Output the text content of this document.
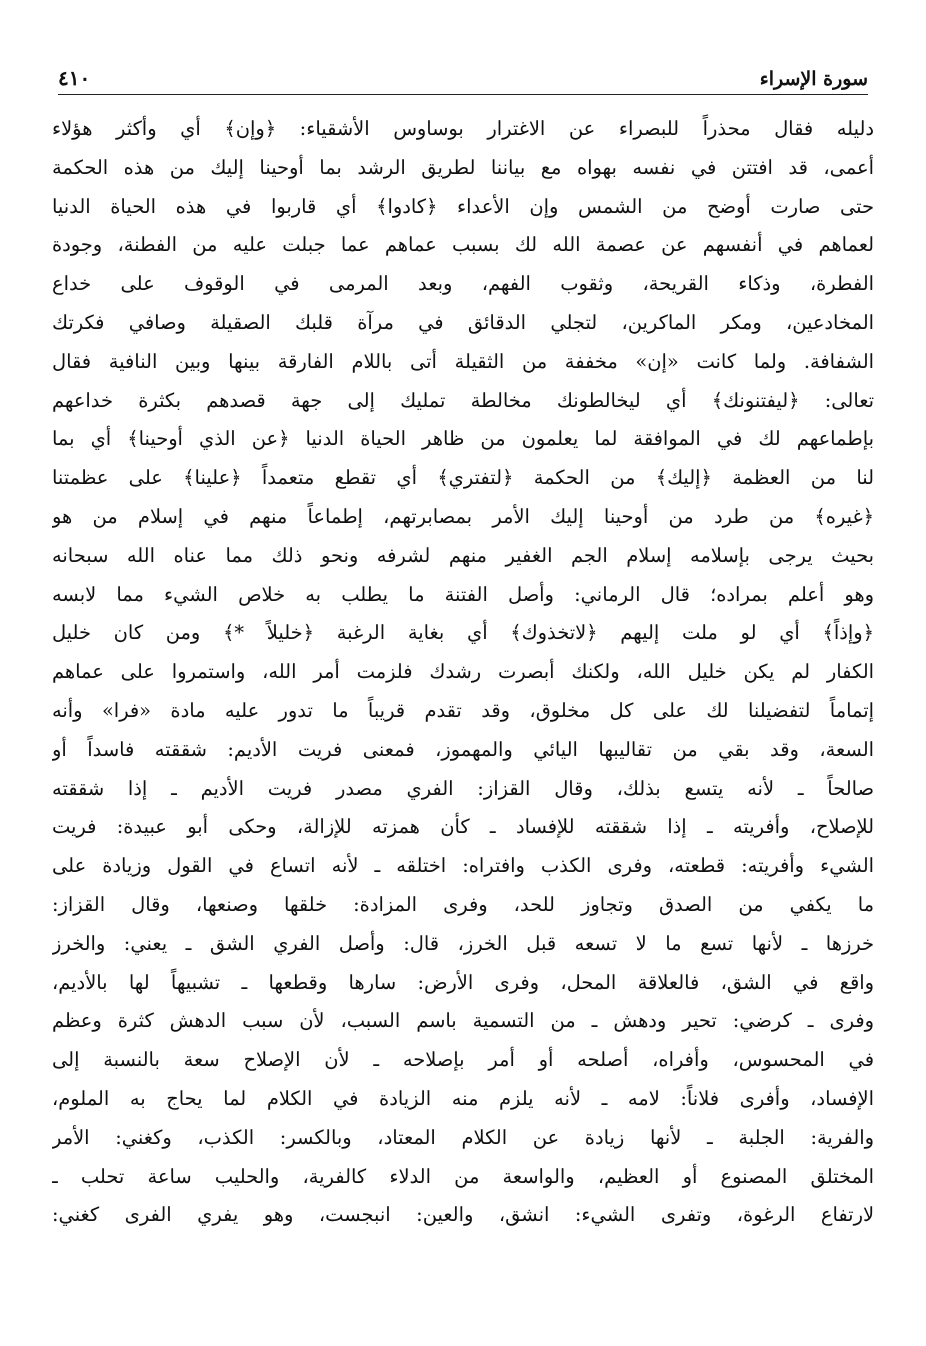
سورة الإسراء
٤١٠
دليله فقال محذراً للبصراء عن الاغترار بوساوس الأشقياء: ﴿وإن﴾ أي وأكثر هؤلاء
أعمى، قد افتتن في نفسه بهواه مع بياننا لطريق الرشد بما أوحينا إليك من هذه الحكمة
حتى صارت أوضح من الشمس وإن الأعداء ﴿كادوا﴾ أي قاربوا في هذه الحياة الدنيا
لعماهم في أنفسهم عن عصمة الله لك بسبب عماهم عما جبلت عليه من الفطنة، وجودة
الفطرة، وذكاء القريحة، وثقوب الفهم، وبعد المرمى في الوقوف على خداع
المخادعين، ومكر الماكرين، لتجلي الدقائق في مرآة قلبك الصقيلة وصافي فكرتك
الشفافة. ولما كانت «إن» مخففة من الثقيلة أتى باللام الفارقة بينها وبين النافية فقال
تعالى: ﴿ليفتنونك﴾ أي ليخالطونك مخالطة تمليك إلى جهة قصدهم بكثرة خداعهم
بإطماعهم لك في الموافقة لما يعلمون من ظاهر الحياة الدنيا ﴿عن الذي أوحينا﴾ أي بما
لنا من العظمة ﴿إليك﴾ من الحكمة ﴿لتفتري﴾ أي تقطع متعمداً ﴿علينا﴾ على عظمتنا
﴿غيره﴾ من طرد من أوحينا إليك الأمر بمصابرتهم، إطماعاً منهم في إسلام من هو
بحيث يرجى بإسلامه إسلام الجم الغفير منهم لشرفه ونحو ذلك مما عناه الله سبحانه
وهو أعلم بمراده؛ قال الرماني: وأصل الفتنة ما يطلب به خلاص الشيء مما لابسه
﴿وإذاً﴾ أي لو ملت إليهم ﴿لاتخذوك﴾ أي بغاية الرغبة ﴿خليلاً *﴾ ومن كان خليل
الكفار لم يكن خليل الله، ولكنك أبصرت رشدك فلزمت أمر الله، واستمروا على عماهم
إتماماً لتفضيلنا لك على كل مخلوق، وقد تقدم قريباً ما تدور عليه مادة «فرا» وأنه
السعة، وقد بقي من تقاليبها اليائي والمهموز، فمعنى فريت الأديم: شققته فاسداً أو
صالحاً ـ لأنه يتسع بذلك، وقال القزاز: الفري مصدر فريت الأديم ـ إذا شققته
للإصلاح، وأفريته ـ إذا شققته للإفساد ـ كأن همزته للإزالة، وحكى أبو عبيدة: فريت
الشيء وأفريته: قطعته، وفرى الكذب وافتراه: اختلقه ـ لأنه اتساع في القول وزيادة على
ما يكفي من الصدق وتجاوز للحد، وفرى المزادة: خلقها وصنعها، وقال القزاز:
خرزها ـ لأنها تسع ما لا تسعه قبل الخرز، قال: وأصل الفري الشق ـ يعني: والخرز
واقع في الشق، فالعلاقة المحل، وفرى الأرض: سارها وقطعها ـ تشبيهاً لها بالأديم،
وفرى ـ كرضي: تحير ودهش ـ من التسمية باسم السبب، لأن سبب الدهش كثرة وعظم
في المحسوس، وأفراه، أصلحه أو أمر بإصلاحه ـ لأن الإصلاح سعة بالنسبة إلى
الإفساد، وأفرى فلاناً: لامه ـ لأنه يلزم منه الزيادة في الكلام لما يحاج به الملوم،
والفرية: الجلبة ـ لأنها زيادة عن الكلام المعتاد، وبالكسر: الكذب، وكغني: الأمر
المختلق المصنوع أو العظيم، والواسعة من الدلاء كالفرية، والحليب ساعة تحلب ـ
لارتفاع الرغوة، وتفرى الشيء: انشق، والعين: انبجست، وهو يفري الفرى كغني:
